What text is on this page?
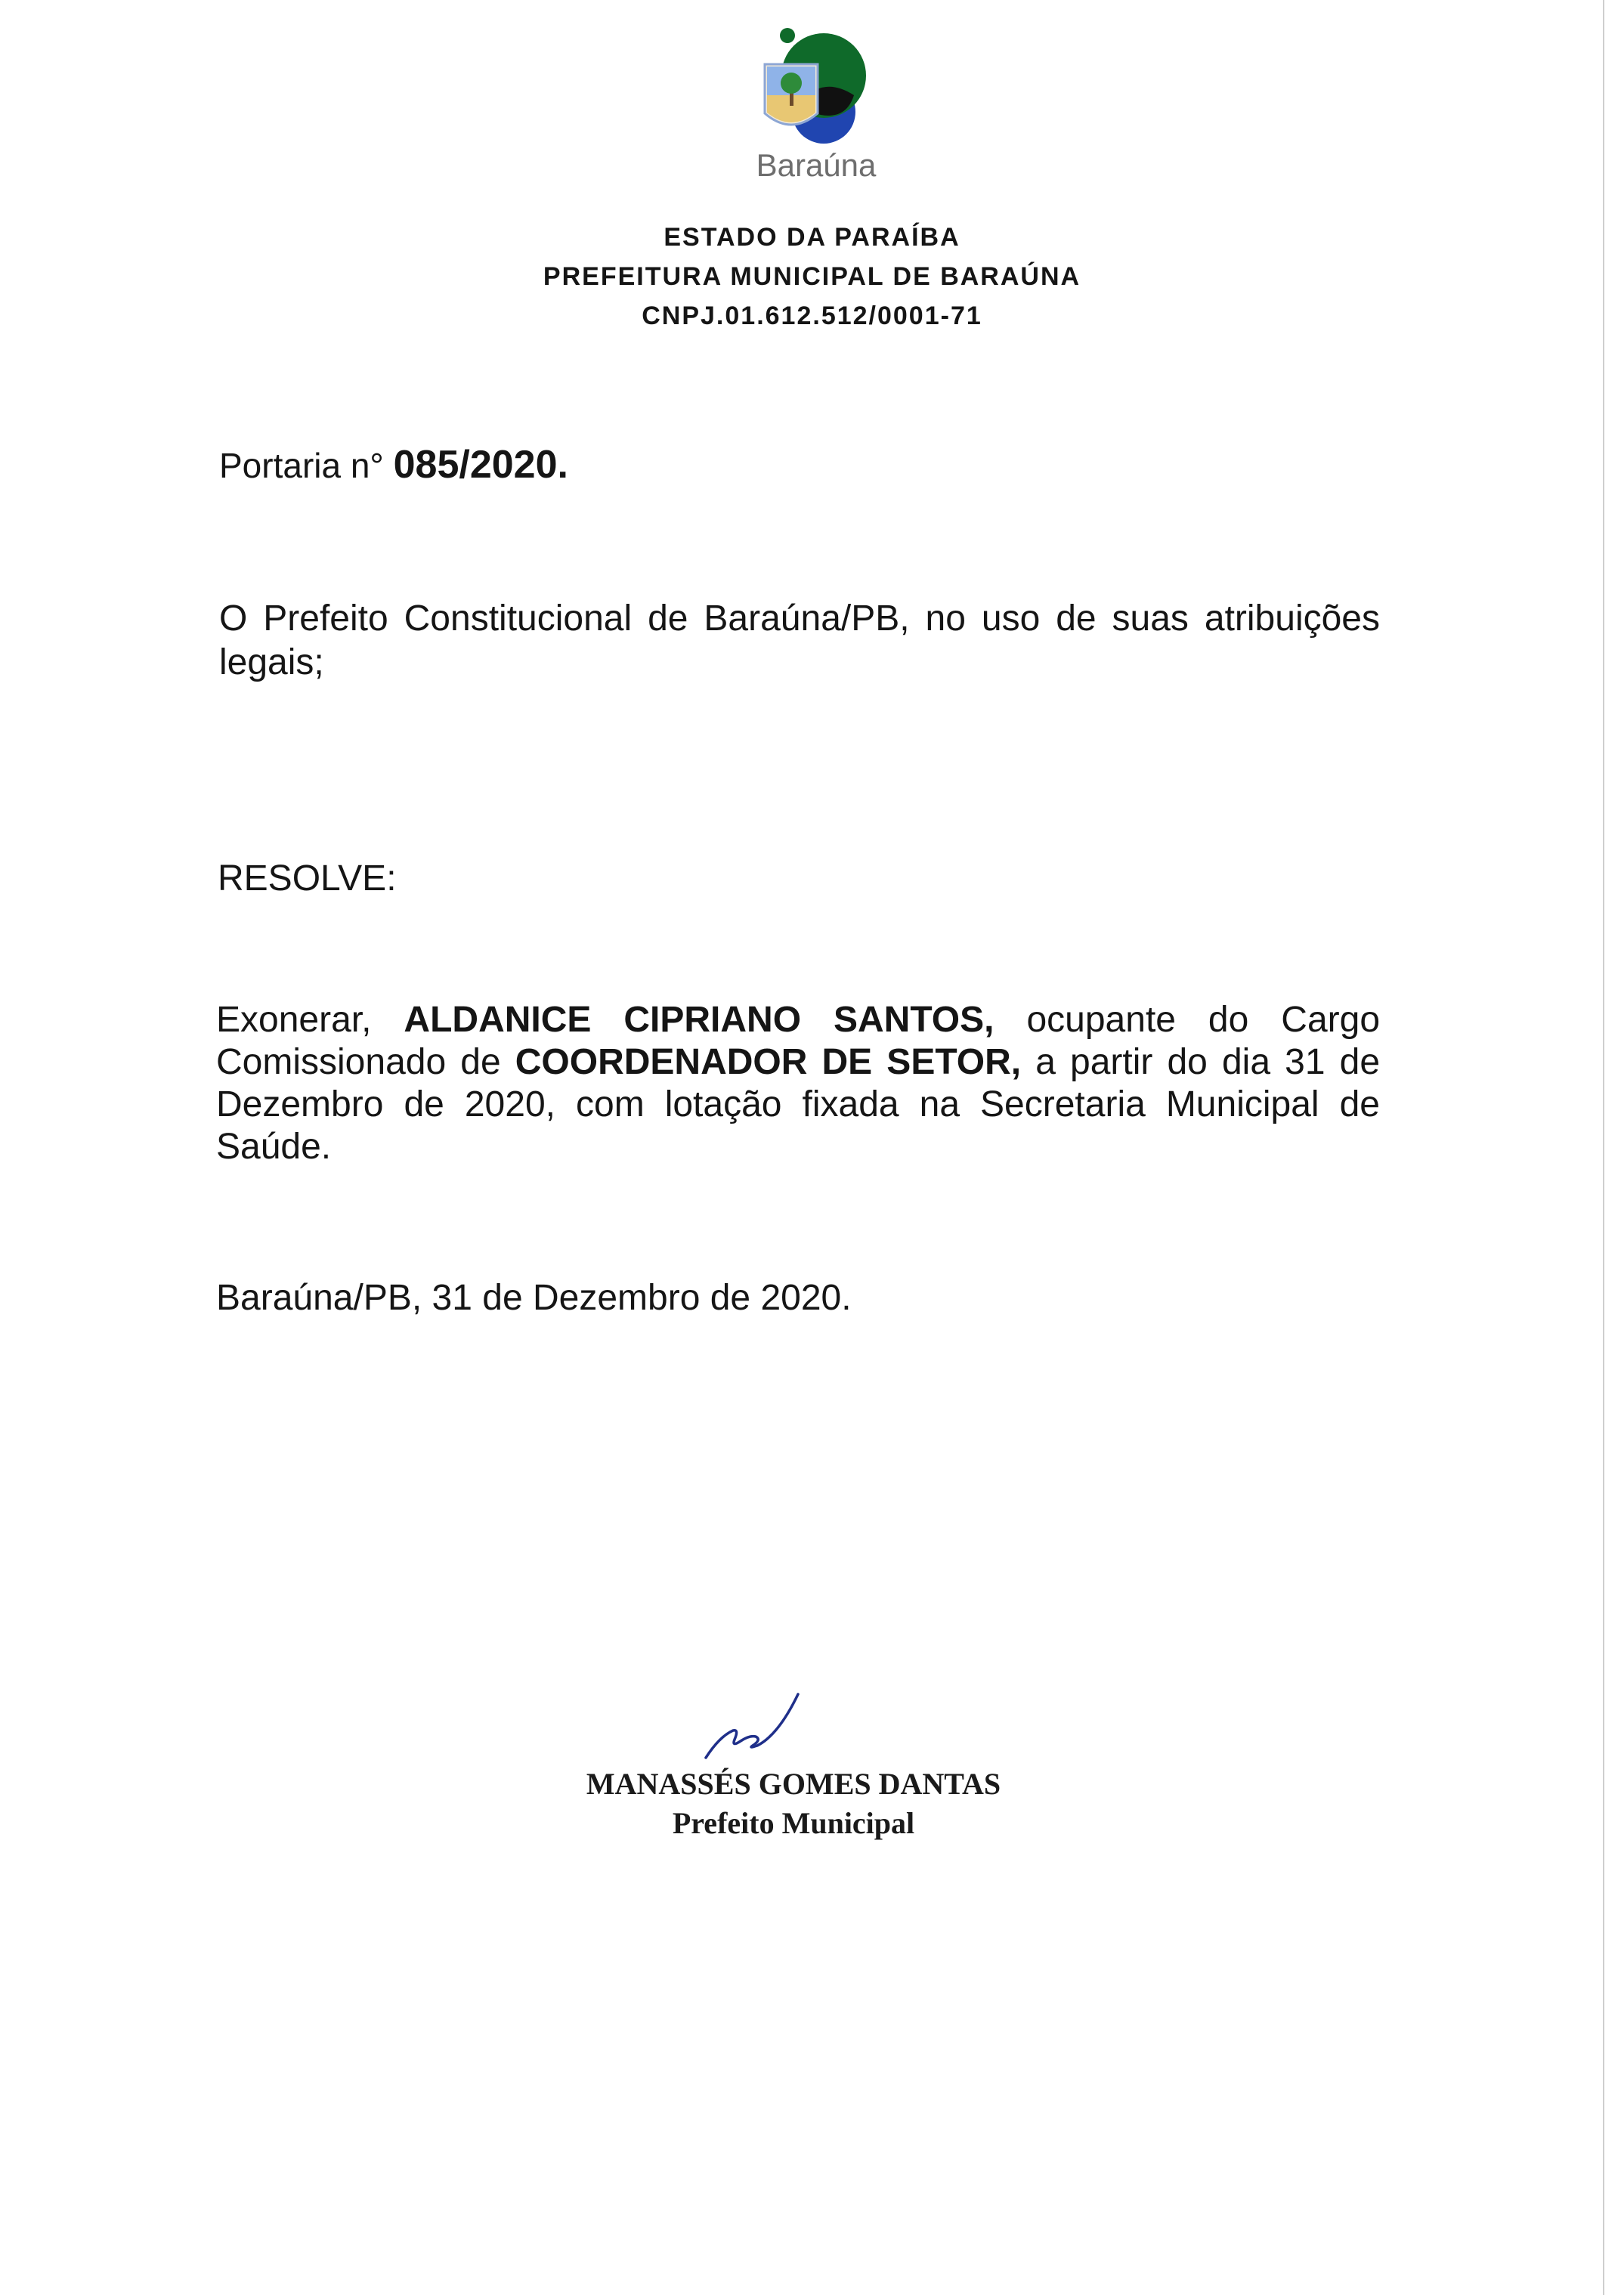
Baraúna
ESTADO DA PARAÍBA
PREFEITURA MUNICIPAL DE BARAÚNA
CNPJ.01.612.512/0001-71
Portaria n° 085/2020.
O Prefeito Constitucional de Baraúna/PB, no uso de suas atribuições legais;
RESOLVE:
Exonerar, ALDANICE CIPRIANO SANTOS, ocupante do Cargo Comissionado de COORDENADOR DE SETOR, a partir do dia 31 de Dezembro de 2020, com lotação fixada na Secretaria Municipal de Saúde.
Baraúna/PB, 31 de Dezembro de 2020.
MANASSÉS GOMES DANTAS
Prefeito Municipal
